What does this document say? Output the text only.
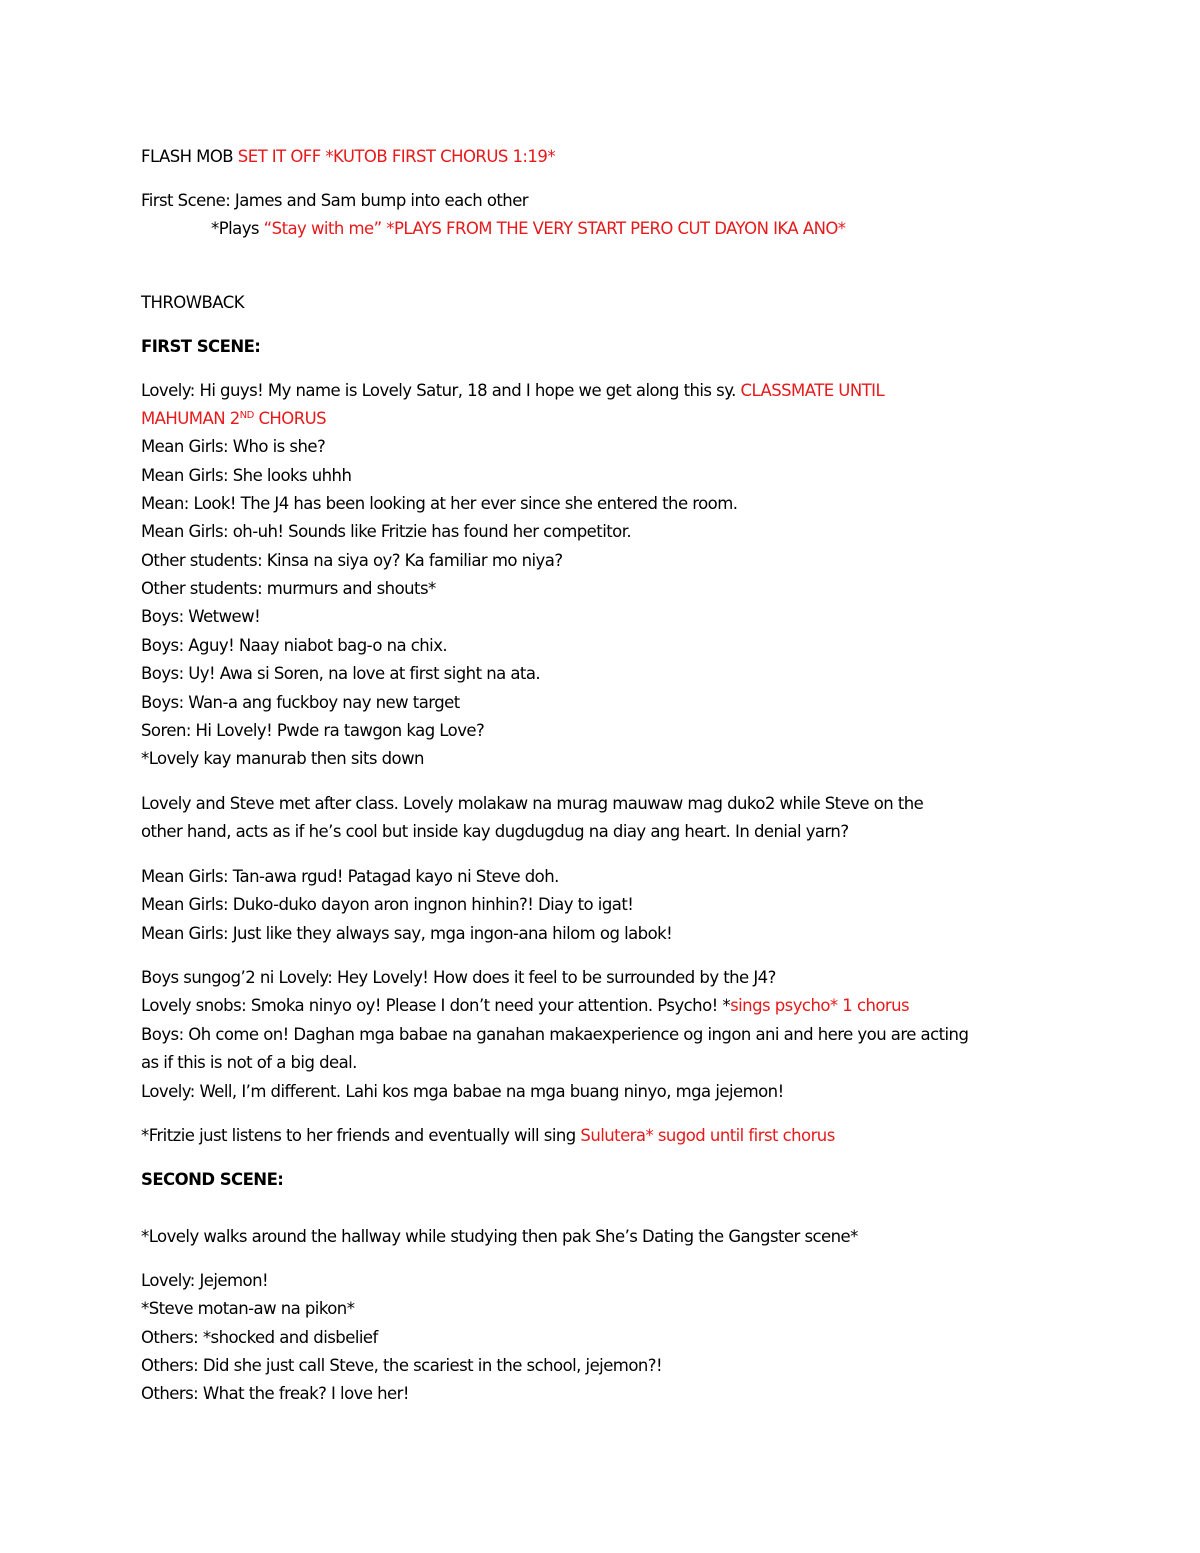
FLASH MOB SET IT OFF *KUTOB FIRST CHORUS 1:19*
First Scene: James and Sam bump into each other
*Plays “Stay with me” *PLAYS FROM THE VERY START PERO CUT DAYON IKA ANO*
THROWBACK
FIRST SCENE:
Lovely: Hi guys! My name is Lovely Satur, 18 and I hope we get along this sy. CLASSMATE UNTIL
MAHUMAN 2ND CHORUS
Mean Girls: Who is she?
Mean Girls: She looks uhhh
Mean: Look! The J4 has been looking at her ever since she entered the room.
Mean Girls: oh-uh! Sounds like Fritzie has found her competitor.
Other students: Kinsa na siya oy? Ka familiar mo niya?
Other students: murmurs and shouts*
Boys: Wetwew!
Boys: Aguy! Naay niabot bag-o na chix.
Boys: Uy! Awa si Soren, na love at first sight na ata.
Boys: Wan-a ang fuckboy nay new target
Soren: Hi Lovely! Pwde ra tawgon kag Love?
*Lovely kay manurab then sits down
Lovely and Steve met after class. Lovely molakaw na murag mauwaw mag duko2 while Steve on the
other hand, acts as if he’s cool but inside kay dugdugdug na diay ang heart. In denial yarn?
Mean Girls: Tan-awa rgud! Patagad kayo ni Steve doh.
Mean Girls: Duko-duko dayon aron ingnon hinhin?! Diay to igat!
Mean Girls: Just like they always say, mga ingon-ana hilom og labok!
Boys sungog’2 ni Lovely: Hey Lovely! How does it feel to be surrounded by the J4?
Lovely snobs: Smoka ninyo oy! Please I don’t need your attention. Psycho! *sings psycho* 1 chorus
Boys: Oh come on! Daghan mga babae na ganahan makaexperience og ingon ani and here you are acting
as if this is not of a big deal.
Lovely: Well, I’m different. Lahi kos mga babae na mga buang ninyo, mga jejemon!
*Fritzie just listens to her friends and eventually will sing Sulutera* sugod until first chorus
SECOND SCENE:
*Lovely walks around the hallway while studying then pak She’s Dating the Gangster scene*
Lovely: Jejemon!
*Steve motan-aw na pikon*
Others: *shocked and disbelief
Others: Did she just call Steve, the scariest in the school, jejemon?!
Others: What the freak? I love her!
